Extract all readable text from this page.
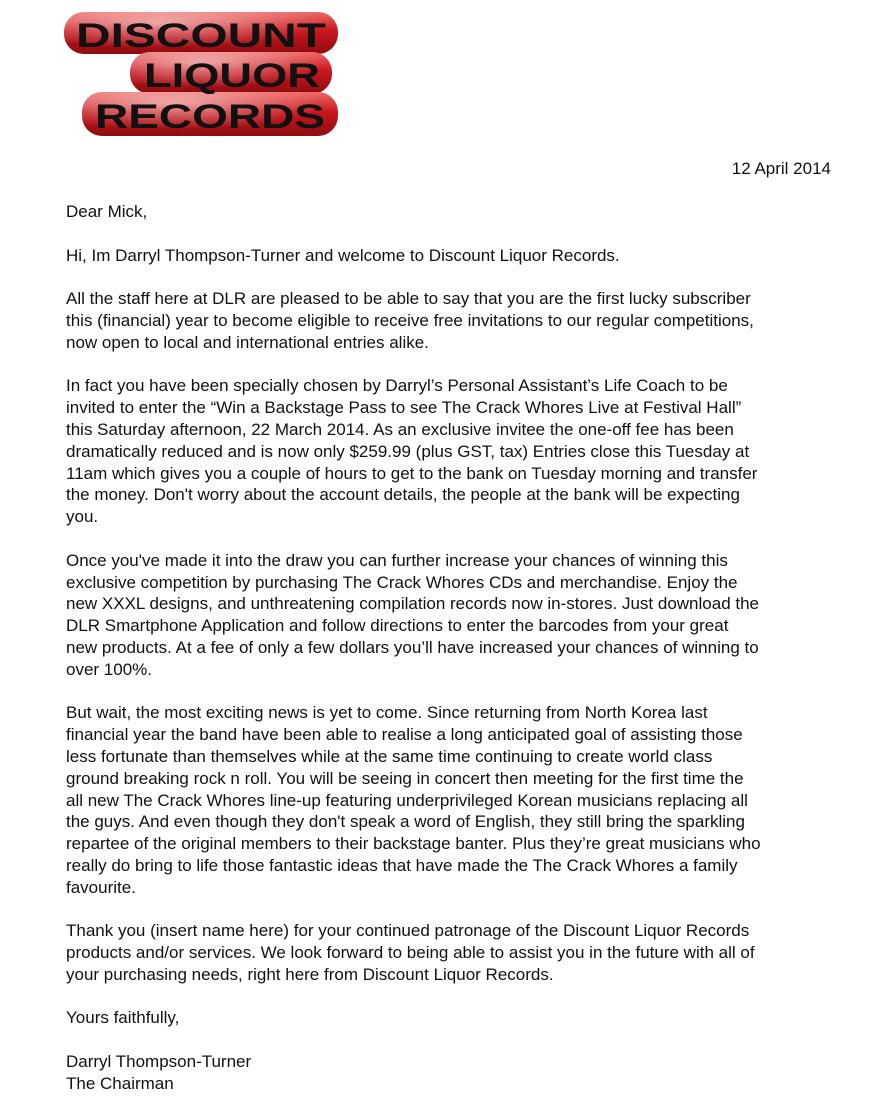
DISCOUNT
LIQUOR
RECORDS

12 April 2014

Dear Mick,

Hi, Im Darryl Thompson-Turner and welcome to Discount Liquor Records.

All the staff here at DLR are pleased to be able to say that you are the first lucky subscriber
this (financial) year to become eligible to receive free invitations to our regular competitions,
now open to local and international entries alike.

In fact you have been specially chosen by Darryl’s Personal Assistant’s Life Coach to be
invited to enter the “Win a Backstage Pass to see The Crack Whores Live at Festival Hall”
this Saturday afternoon, 22 March 2014. As an exclusive invitee the one-off fee has been
dramatically reduced and is now only $259.99 (plus GST, tax) Entries close this Tuesday at
11am which gives you a couple of hours to get to the bank on Tuesday morning and transfer
the money. Don't worry about the account details, the people at the bank will be expecting
you.

Once you've made it into the draw you can further increase your chances of winning this
exclusive competition by purchasing The Crack Whores CDs and merchandise. Enjoy the
new XXXL designs, and unthreatening compilation records now in-stores. Just download the
DLR Smartphone Application and follow directions to enter the barcodes from your great
new products. At a fee of only a few dollars you’ll have increased your chances of winning to
over 100%.

But wait, the most exciting news is yet to come. Since returning from North Korea last
financial year the band have been able to realise a long anticipated goal of assisting those
less fortunate than themselves while at the same time continuing to create world class
ground breaking rock n roll. You will be seeing in concert then meeting for the first time the
all new The Crack Whores line-up featuring underprivileged Korean musicians replacing all
the guys. And even though they don't speak a word of English, they still bring the sparkling
repartee of the original members to their backstage banter. Plus they’re great musicians who
really do bring to life those fantastic ideas that have made the The Crack Whores a family
favourite.

Thank you (insert name here) for your continued patronage of the Discount Liquor Records
products and/or services. We look forward to being able to assist you in the future with all of
your purchasing needs, right here from Discount Liquor Records.

Yours faithfully,

Darryl Thompson-Turner

The Chairman
